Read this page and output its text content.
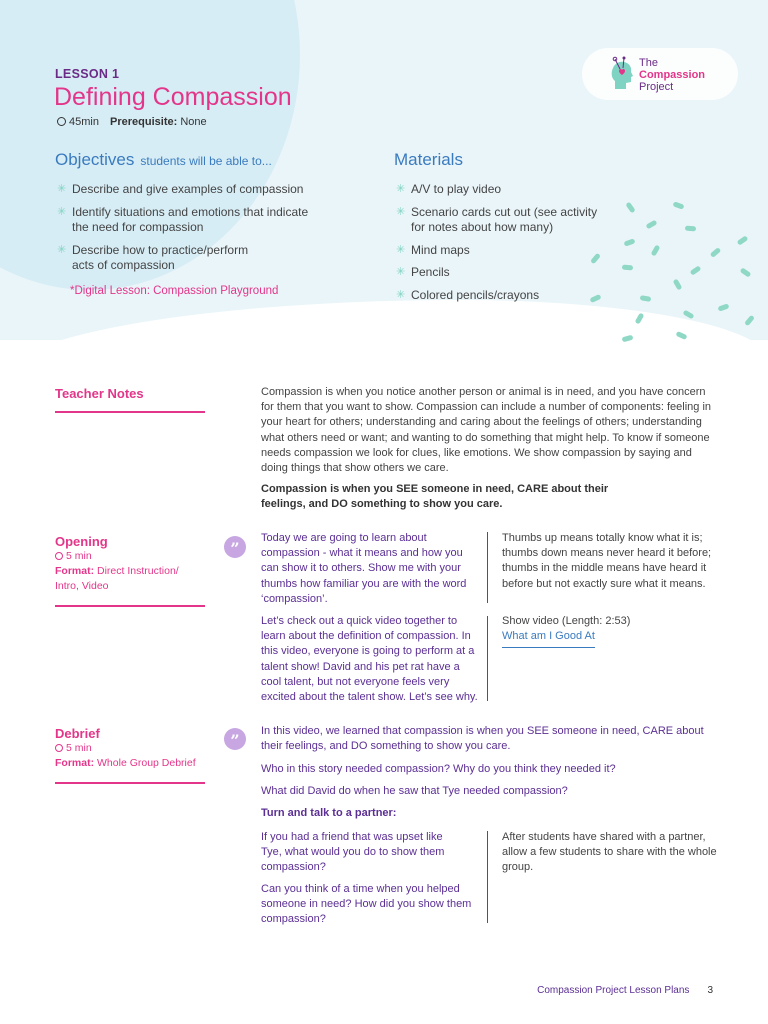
The
Compassion
Project
LESSON 1
Defining Compassion
45min Prerequisite: None
Objectives students will be able to...
✳ Describe and give examples of compassion
✳ Identify situations and emotions that indicate the need for compassion
✳ Describe how to practice/perform acts of compassion
*Digital Lesson: Compassion Playground
Materials
✳ A/V to play video
✳ Scenario cards cut out (see activity for notes about how many)
✳ Mind maps
✳ Pencils
✳ Colored pencils/crayons
Teacher Notes	Compassion is when you notice another person or animal is in need, and you have concern for them that you want to show. Compassion can include a number of components: feeling in your heart for others; understanding and caring about the feelings of others; understanding what others need or want; and wanting to do something that might help. To know if someone needs compassion we look for clues, like emotions. We show compassion by saying and doing things that show others we care.
Compassion is when you SEE someone in need, CARE about their feelings, and DO something to show you care.
Opening
5 min
Format: Direct Instruction/ Intro, Video
”
Today we are going to learn about compassion - what it means and how you can show it to others. Show me with your thumbs how familiar you are with the word ‘compassion’.
Thumbs up means totally know what it is; thumbs down means never heard it before; thumbs in the middle means have heard it before but not exactly sure what it means.
Let’s check out a quick video together to learn about the definition of compassion. In this video, everyone is going to perform at a talent show! David and his pet rat have a cool talent, but not everyone feels very excited about the talent show. Let’s see why.
Show video (Length: 2:53)
What am I Good At
Debrief
5 min
Format: Whole Group Debrief
”	In this video, we learned that compassion is when you SEE someone in need, CARE about their feelings, and DO something to show you care.
Who in this story needed compassion? Why do you think they needed it?
What did David do when he saw that Tye needed compassion?
Turn and talk to a partner:
If you had a friend that was upset like Tye, what would you do to show them compassion?
Can you think of a time when you helped someone in need? How did you show them compassion?
After students have shared with a partner, allow a few students to share with the whole group.
Compassion Project Lesson Plans 3
